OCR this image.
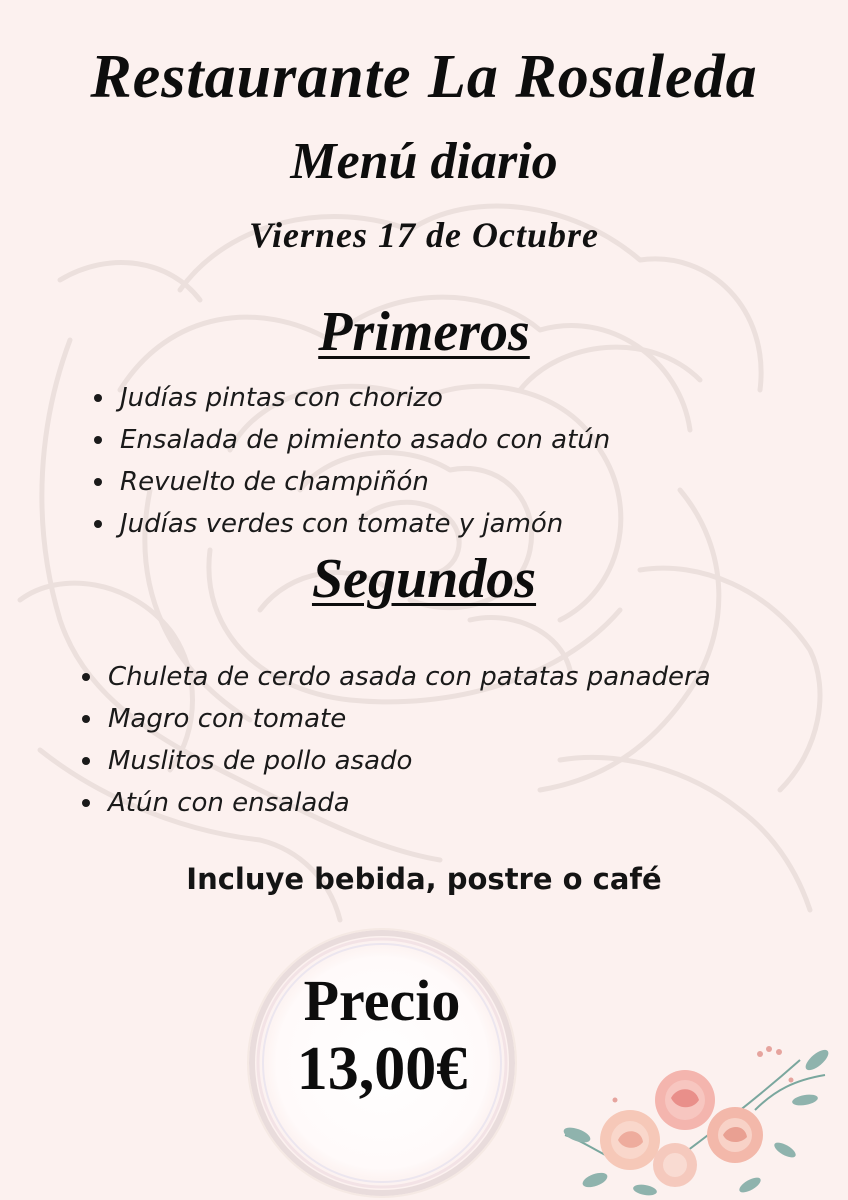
Restaurante La Rosaleda
Menú diario
Viernes 17 de Octubre
Primeros
Judías pintas con chorizo
Ensalada de pimiento asado con atún
Revuelto de champiñón
Judías verdes con tomate y jamón
Segundos
Chuleta de cerdo asada con patatas panadera
Magro con tomate
Muslitos de pollo asado
Atún con ensalada
Incluye bebida, postre o café
Precio
13,00€
